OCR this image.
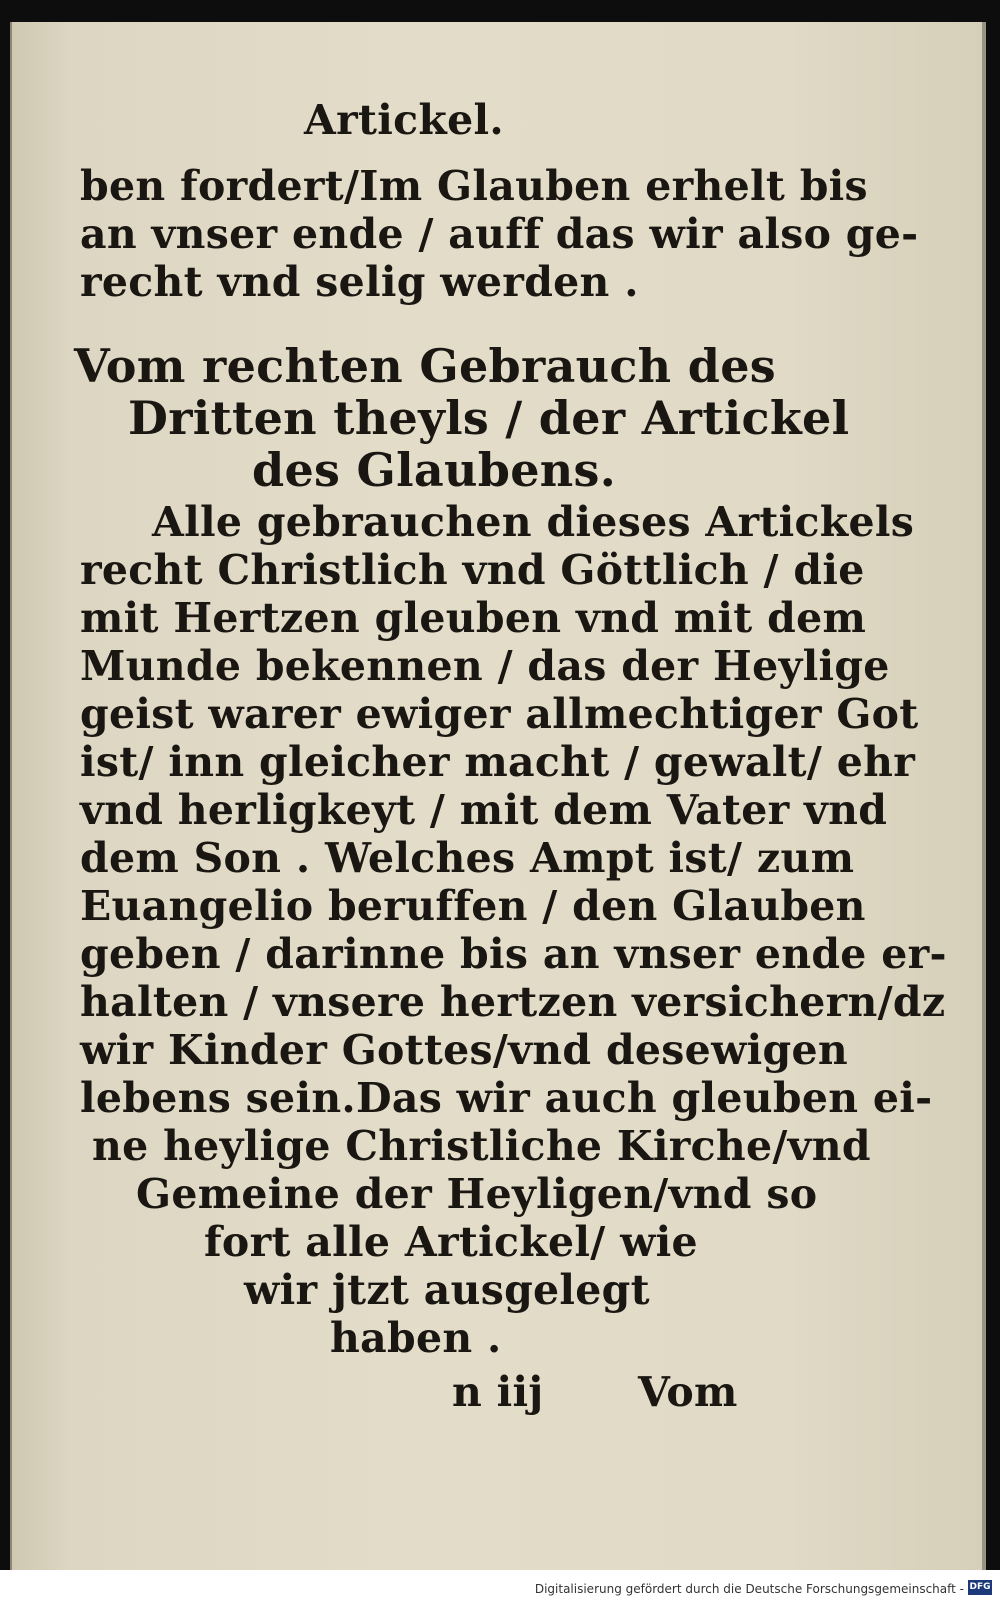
Artickel.

ben fordert/Im Glauben erhelt bis

an vnser ende / auff das wir also ge-

recht vnd selig werden .

Vom rechten Gebrauch des

Dritten theyls / der Artickel

des Glaubens.

Alle gebrauchen dieses Artickels

recht Christlich vnd Göttlich / die

mit Hertzen gleuben vnd mit dem

Munde bekennen / das der Heylige

geist warer ewiger allmechtiger Got

ist/ inn gleicher macht / gewalt/ ehr

vnd herligkeyt / mit dem Vater vnd

dem Son . Welches Ampt ist/ zum

Euangelio beruffen / den Glauben

geben / darinne bis an vnser ende er-

halten / vnsere hertzen versichern/dz

wir Kinder Gottes/vnd desewigen

lebens sein.Das wir auch gleuben ei-

ne heylige Christliche Kirche/vnd

Gemeine der Heyligen/vnd so

fort alle Artickel/ wie

wir jtzt ausgelegt

haben .

n iij Vom

Digitalisierung gefördert durch die Deutsche Forschungsgemeinschaft - DFG
